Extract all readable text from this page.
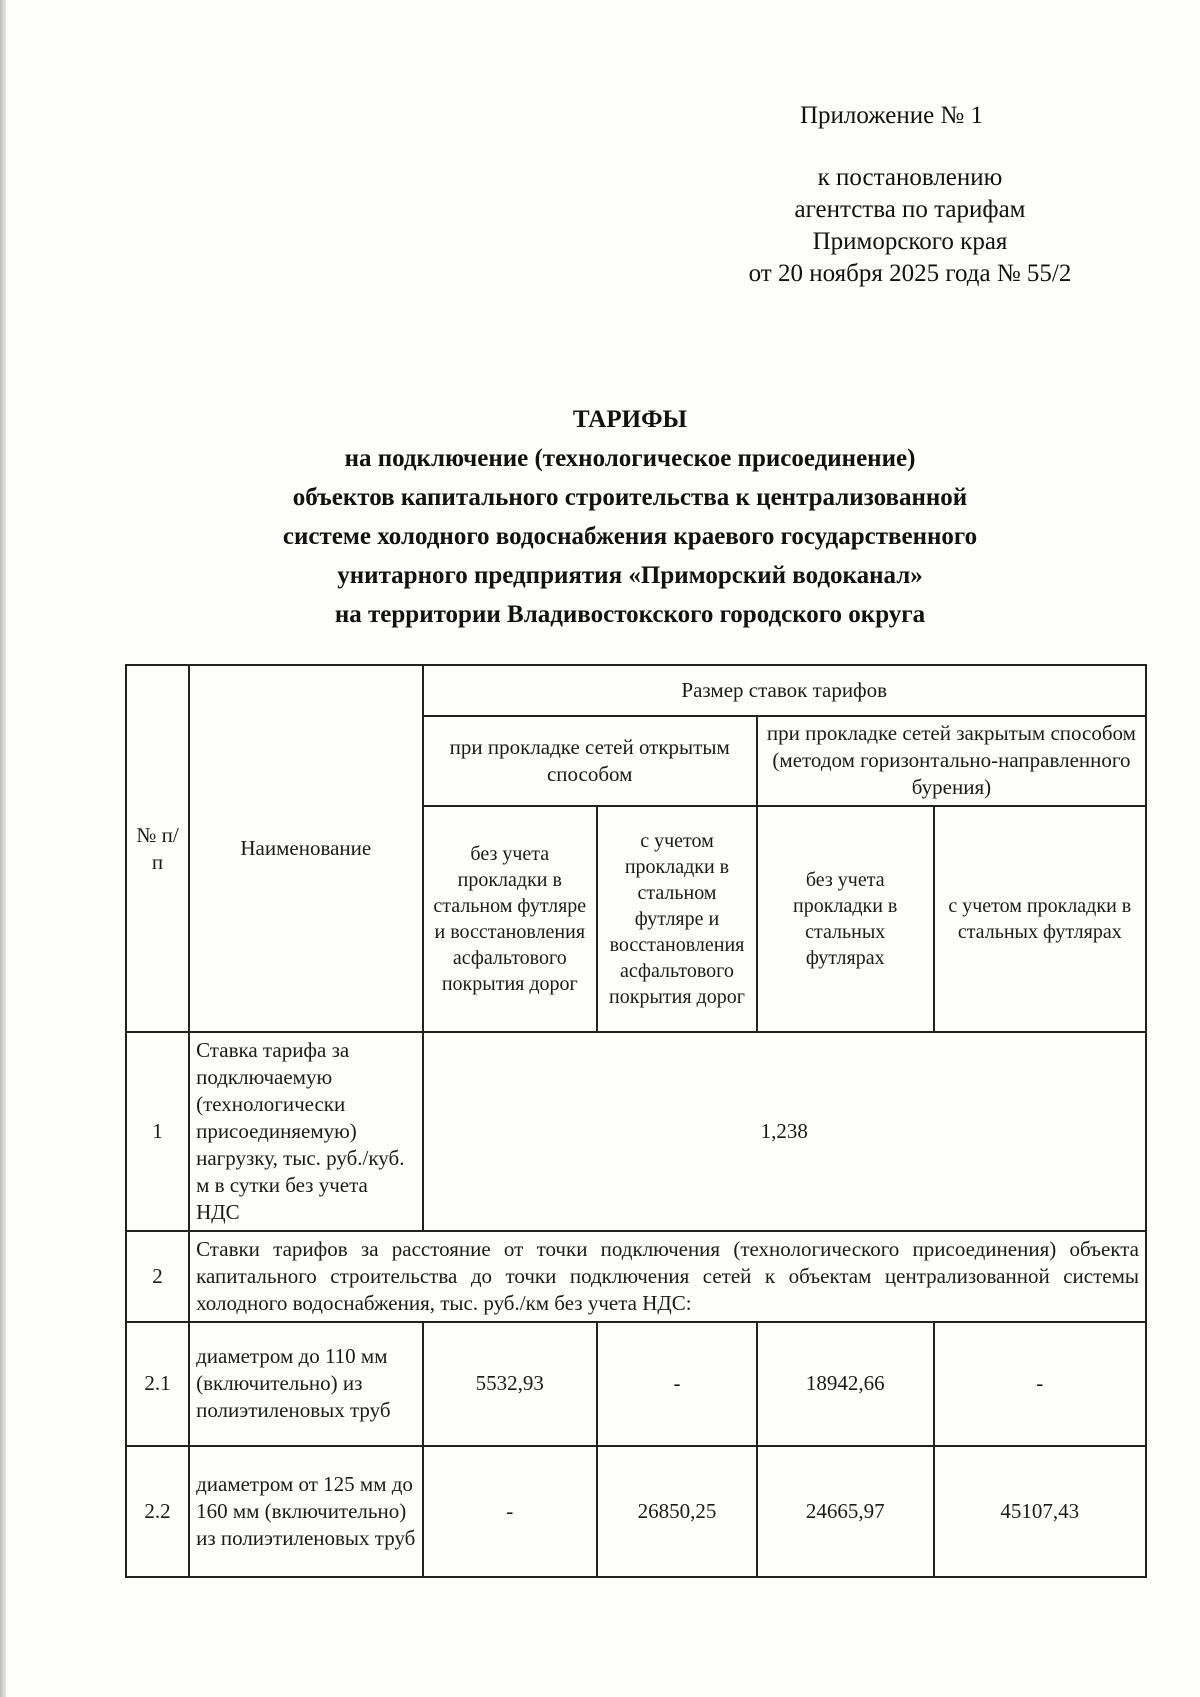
Приложение № 1
к постановлению
агентства по тарифам
Приморского края
от 20 ноября 2025 года № 55/2
ТАРИФЫ
на подключение (технологическое присоединение)
объектов капитального строительства к централизованной
системе холодного водоснабжения краевого государственного
унитарного предприятия «Приморский водоканал»
на территории Владивостокского городского округа
№ п/п	Наименование	Размер ставок тарифов			
		при прокладке сетей открытым способом		при прокладке сетей закрытым способом (методом горизонтально-направленного бурения)	
		без учета прокладки в стальном футляре и восстановления асфальтового покрытия дорог	с учетом прокладки в стальном футляре и восстановления асфальтового покрытия дорог	без учета прокладки в стальных футлярах	с учетом прокладки в стальных футлярах
1	Ставка тарифа за подключаемую (технологически присоединяемую) нагрузку, тыс. руб./куб. м в сутки без учета НДС	1,238			
2	Ставки тарифов за расстояние от точки подключения (технологического присоединения) объекта капитального строительства до точки подключения сетей к объектам централизованной системы холодного водоснабжения, тыс. руб./км без учета НДС:				
2.1	диаметром до 110 мм (включительно) из полиэтиленовых труб	5532,93	-	18942,66	-
2.2	диаметром от 125 мм до 160 мм (включительно) из полиэтиленовых труб	-	26850,25	24665,97	45107,43
